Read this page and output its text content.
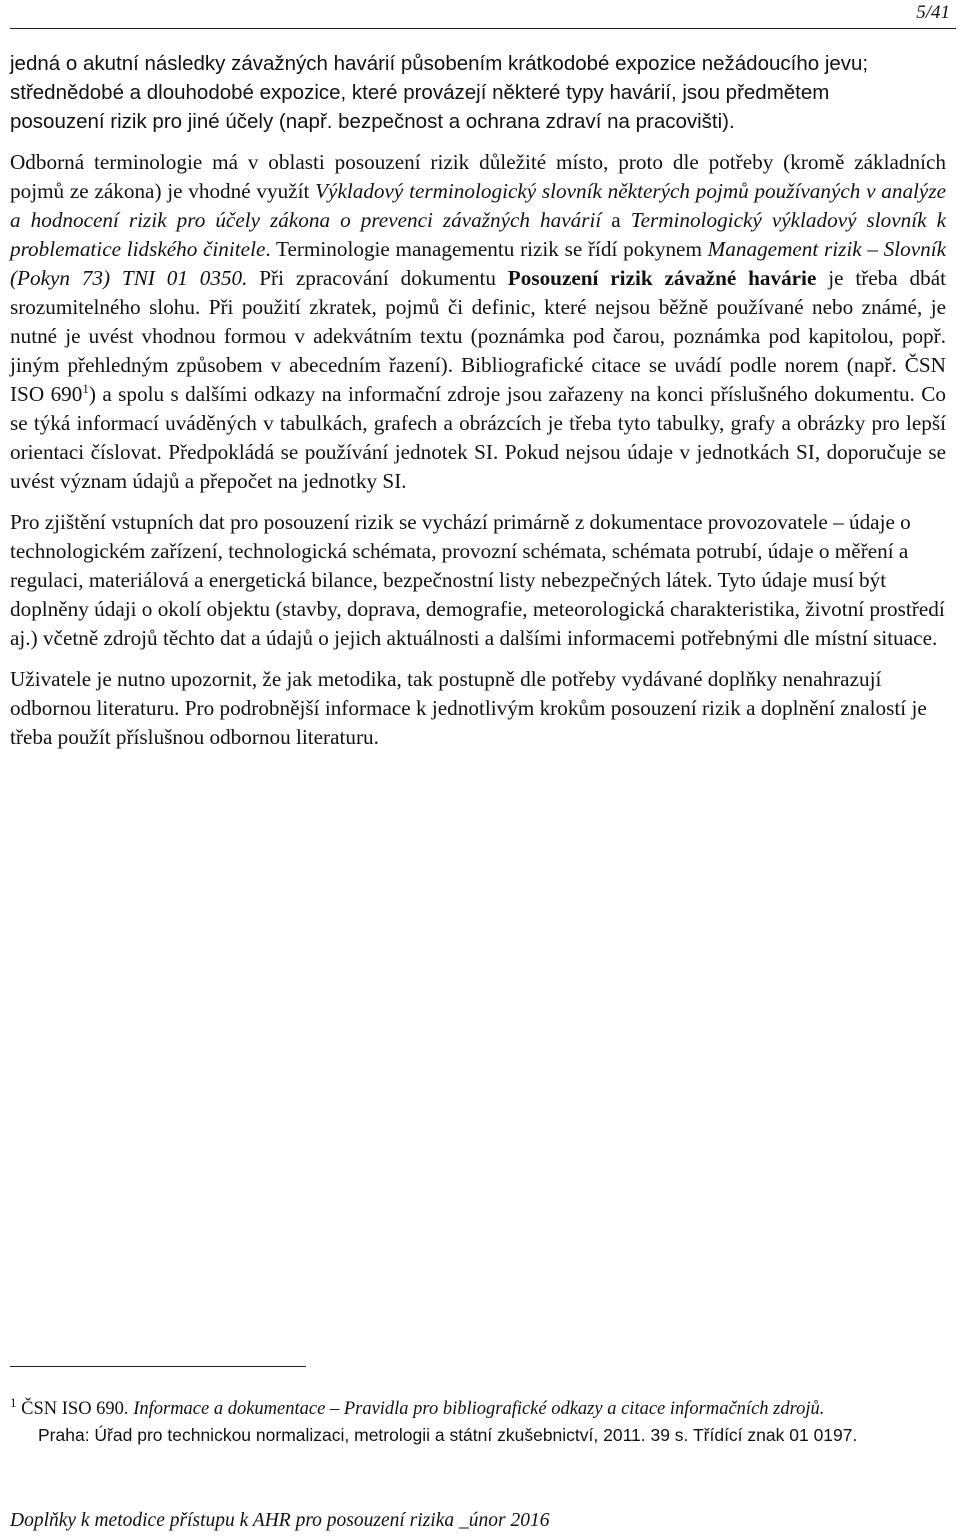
5/41

jedná o akutní následky závažných havárií působením krátkodobé expozice nežádoucího jevu;
střednědobé a dlouhodobé expozice, které provázejí některé typy havárií, jsou předmětem
posouzení rizik pro jiné účely (např. bezpečnost a ochrana zdraví na pracovišti).

Odborná terminologie má v oblasti posouzení rizik důležité místo, proto dle potřeby (kromě základních pojmů ze zákona) je vhodné využít Výkladový terminologický slovník některých pojmů používaných v analýze a hodnocení rizik pro účely zákona o prevenci závažných havárií a Terminologický výkladový slovník k problematice lidského činitele. Terminologie managementu rizik se řídí pokynem Management rizik – Slovník (Pokyn 73) TNI 01 0350. Při zpracování dokumentu Posouzení rizik závažné havárie je třeba dbát srozumitelného slohu. Při použití zkratek, pojmů či definic, které nejsou běžně používané nebo známé, je nutné je uvést vhodnou formou v adekvátním textu (poznámka pod čarou, poznámka pod kapitolou, popř. jiným přehledným způsobem v abecedním řazení). Bibliografické citace se uvádí podle norem (např. ČSN ISO $690^1$) a spolu s dalšími odkazy na informační zdroje jsou zařazeny na konci příslušného dokumentu. Co se týká informací uváděných v tabulkách, grafech a obrázcích je třeba tyto tabulky, grafy a obrázky pro lepší orientaci číslovat. Předpokládá se používání jednotek SI. Pokud nejsou údaje v jednotkách SI, doporučuje se uvést význam údajů a přepočet na jednotky SI.

Pro zjištění vstupních dat pro posouzení rizik se vychází primárně z dokumentace provozovatele – údaje o technologickém zařízení, technologická schémata, provozní schémata, schémata potrubí, údaje o měření a regulaci, materiálová a energetická bilance, bezpečnostní listy nebezpečných látek. Tyto údaje musí být doplněny údaji o okolí objektu (stavby, doprava, demografie, meteorologická charakteristika, životní prostředí aj.) včetně zdrojů těchto dat a údajů o jejich aktuálnosti a dalšími informacemi potřebnými dle místní situace.

Uživatele je nutno upozornit, že jak metodika, tak postupně dle potřeby vydávané doplňky nenahrazují odbornou literaturu. Pro podrobnější informace k jednotlivým krokům posouzení rizik a doplnění znalostí je třeba použít příslušnou odbornou literaturu.

$^1$ ČSN ISO 690. Informace a dokumentace – Pravidla pro bibliografické odkazy a citace informačních zdrojů.
Praha: Úřad pro technickou normalizaci, metrologii a státní zkušebnictví, 2011. 39 s. Třídící znak 01 0197.
Doplňky k metodice přístupu k AHR pro posouzení rizika _únor 2016
